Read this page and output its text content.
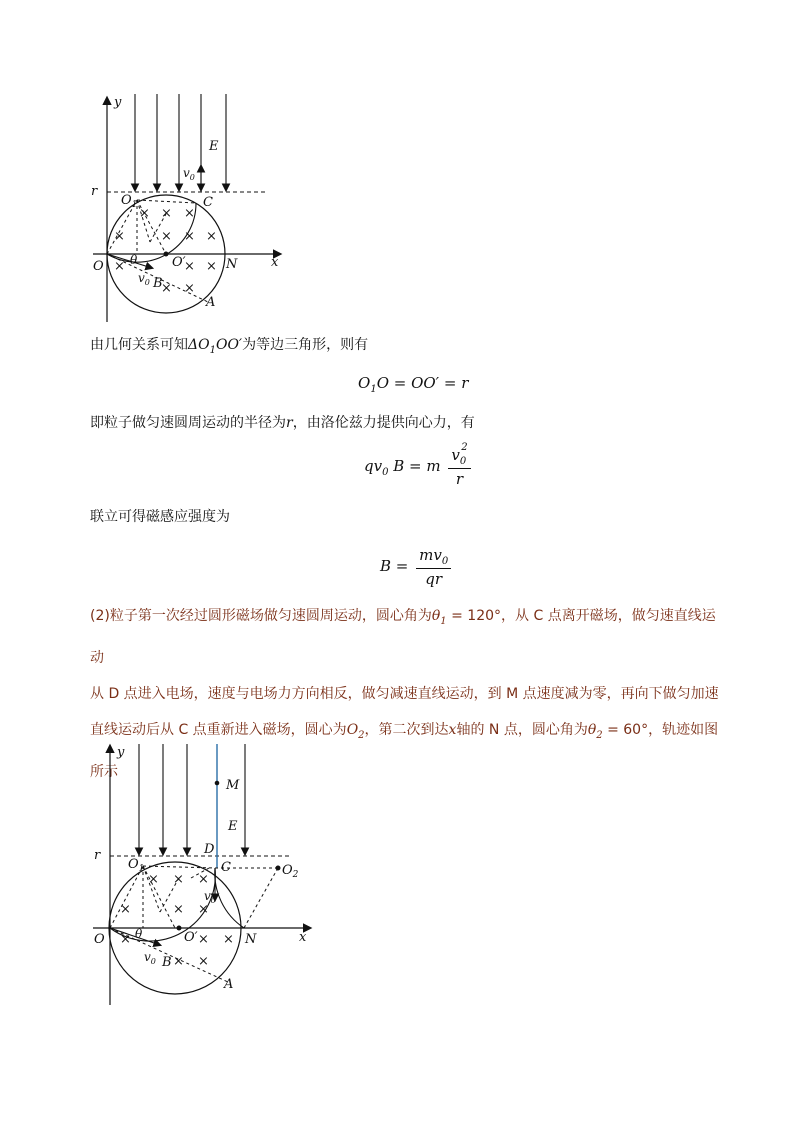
× × ×
×	× × ×
×	× ×
× ×
y
x
r
O	N
E
$v_0$
$O_1$	C
θ	O′
$v_0$ B
A

由几何关系可知$\Delta O_1OO'$为等边三角形，则有

$O_1O = OO' = r$

即粒子做匀速圆周运动的半径为r，由洛伦兹力提供向心力，有

$qv_0$ B = m $\frac{v_0^2}{r}$

联立可得磁感应强度为

$B = \frac{mv_0}{qr}$
(2)粒子第一次经过圆形磁场做匀速圆周运动，圆心角为$\theta_1 = 120^\circ$，从 C 点离开磁场，做匀速直线运动
从 D 点进入电场，速度与电场力方向相反，做匀减速直线运动，到 M 点速度减为零，再向下做匀加速
直线运动后从 C 点重新进入磁场，圆心为$O_2$，第二次到达x轴的 N 点，圆心角为$\theta_2 = 60^\circ$，轨迹如图
所示
× × ×
×	× ×
×	× ×
× ×
y
x
r
O	N
M
E
D
C
$O_1$	$O_2$
θ	O′
$v_0$
$v_0$ B
A
